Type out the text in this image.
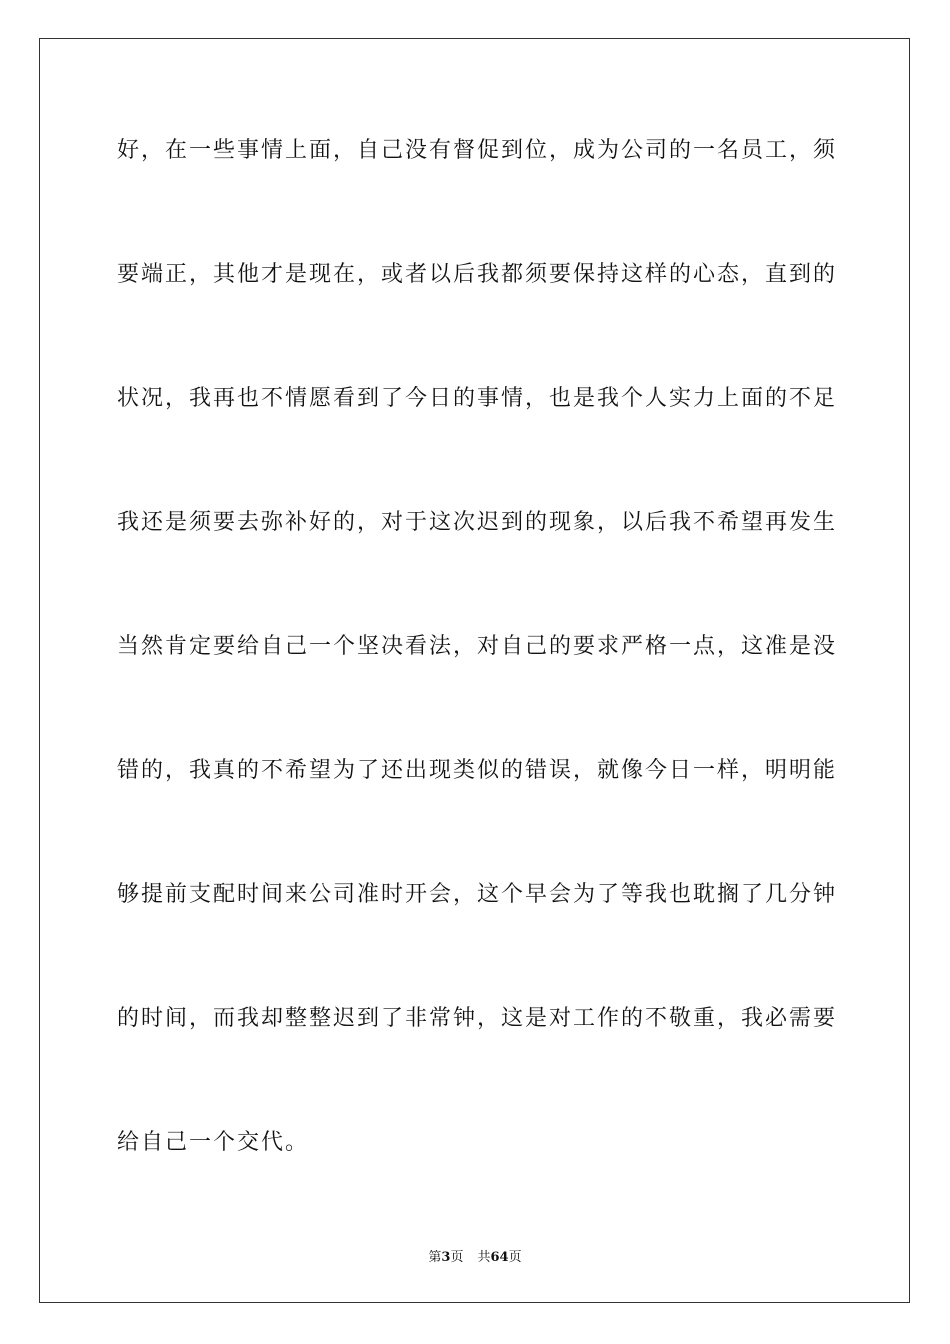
好，在一些事情上面，自己没有督促到位，成为公司的一名员工，须
要端正，其他才是现在，或者以后我都须要保持这样的心态，直到的
状况，我再也不情愿看到了今日的事情，也是我个人实力上面的不足
我还是须要去弥补好的，对于这次迟到的现象，以后我不希望再发生
当然肯定要给自己一个坚决看法，对自己的要求严格一点，这准是没
错的，我真的不希望为了还出现类似的错误，就像今日一样，明明能
够提前支配时间来公司准时开会，这个早会为了等我也耽搁了几分钟
的时间，而我却整整迟到了非常钟，这是对工作的不敬重，我必需要
给自己一个交代。
第3页 共64页
